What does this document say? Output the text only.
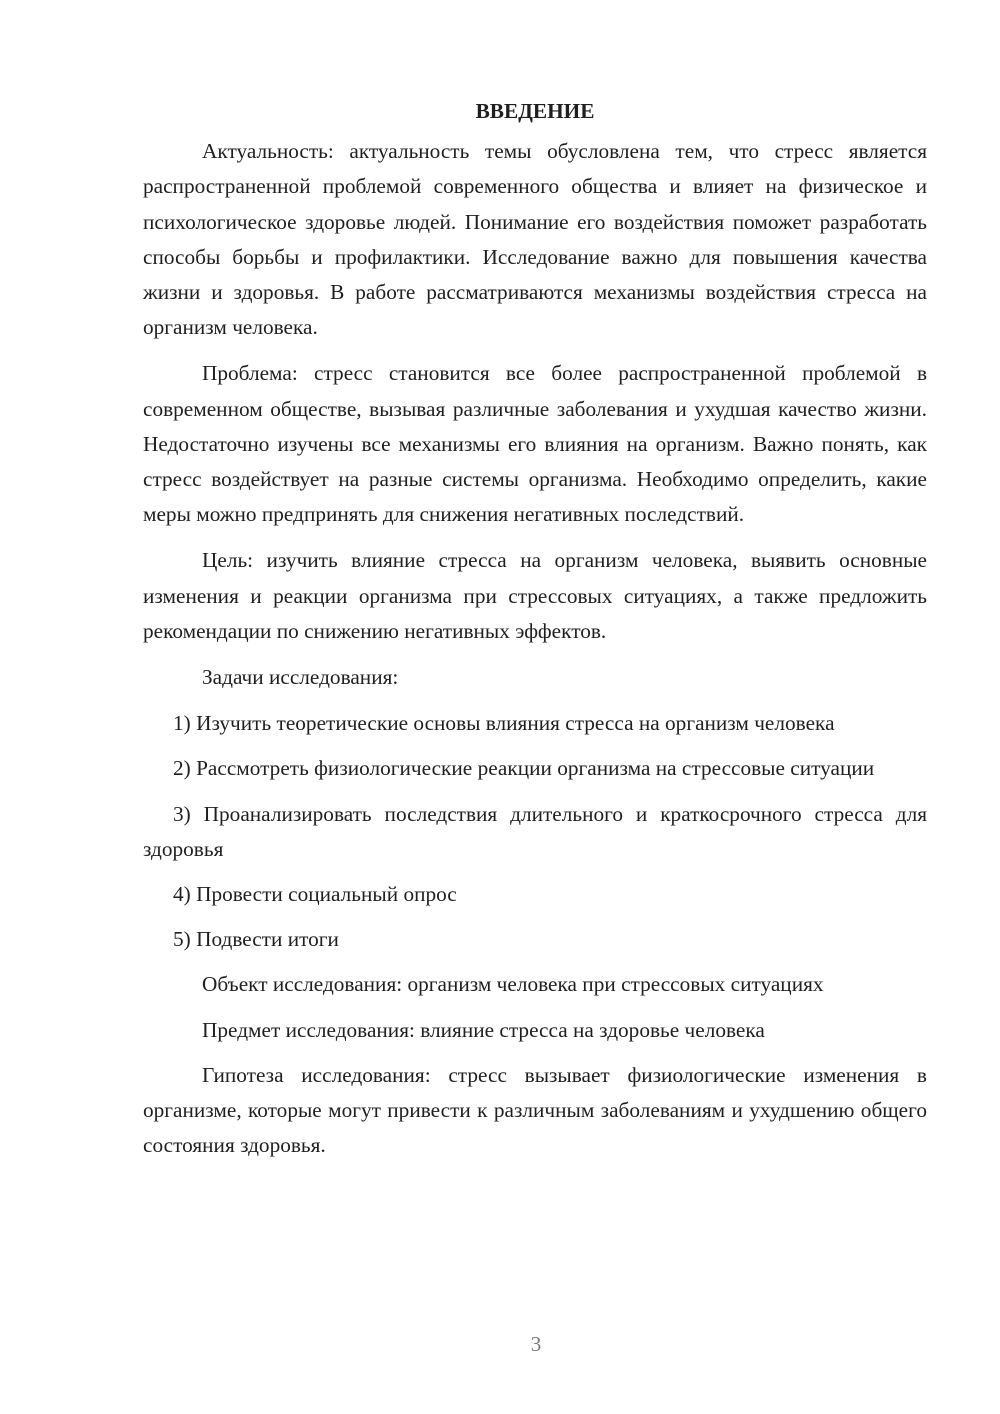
ВВЕДЕНИЕ

Актуальность: актуальность темы обусловлена тем, что стресс является распространенной проблемой современного общества и влияет на физическое и психологическое здоровье людей. Понимание его воздействия поможет разработать способы борьбы и профилактики. Исследование важно для повышения качества жизни и здоровья. В работе рассматриваются механизмы воздействия стресса на организм человека.

Проблема: стресс становится все более распространенной проблемой в современном обществе, вызывая различные заболевания и ухудшая качество жизни. Недостаточно изучены все механизмы его влияния на организм. Важно понять, как стресс воздействует на разные системы организма. Необходимо определить, какие меры можно предпринять для снижения негативных последствий.

Цель: изучить влияние стресса на организм человека, выявить основные изменения и реакции организма при стрессовых ситуациях, а также предложить рекомендации по снижению негативных эффектов.

Задачи исследования:

1) Изучить теоретические основы влияния стресса на организм человека

2) Рассмотреть физиологические реакции организма на стрессовые ситуации

3) Проанализировать последствия длительного и краткосрочного стресса для здоровья

4) Провести социальный опрос

5) Подвести итоги

Объект исследования: организм человека при стрессовых ситуациях

Предмет исследования: влияние стресса на здоровье человека

Гипотеза исследования: стресс вызывает физиологические изменения в организме, которые могут привести к различным заболеваниям и ухудшению общего состояния здоровья.

3
